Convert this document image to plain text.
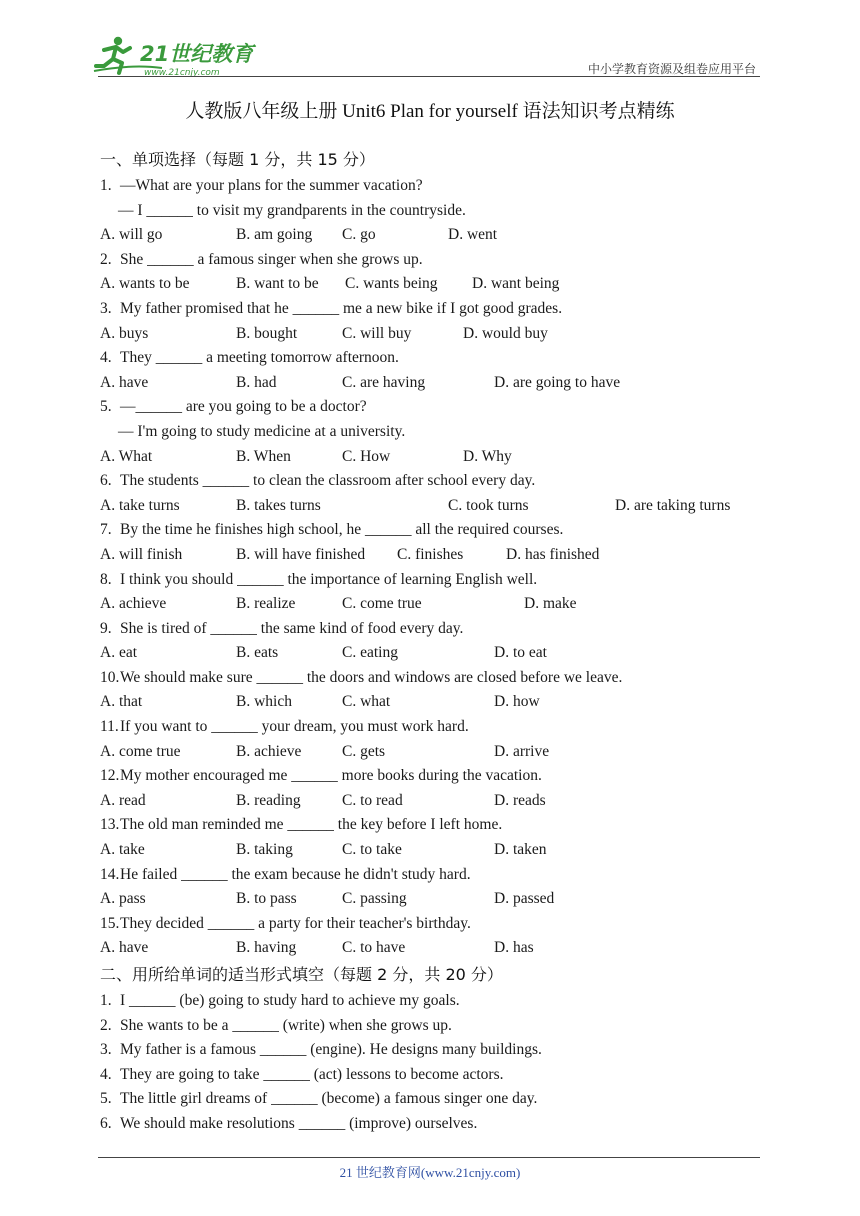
21世纪教育
www.21cnjy.com	中小学教育资源及组卷应用平台
人教版八年级上册 Unit6 Plan for yourself 语法知识考点精练
一、单项选择（每题 1 分，共 15 分）
1. —What are your plans for the summer vacation?
— I ______ to visit my grandparents in the countryside.
A. will go	B. am going C. go	D. went
2. She ______ a famous singer when she grows up.
A. wants to be	B. want to be C. wants being D. want being
3. My father promised that he ______ me a new bike if I got good grades.
A. buys	B. bought	C. will buy	D. would buy
4. They ______ a meeting tomorrow afternoon.
A. have	B. had	C. are having	D. are going to have
5. —______ are you going to be a doctor?
— I'm going to study medicine at a university.
A. What	B. When	C. How	D. Why
6. The students ______ to clean the classroom after school every day.
A. take turns	B. takes turns	C. took turns	D. are taking turns
7. By the time he finishes high school, he ______ all the required courses.
A. will finish	B. will have finished C. finishes	D. has finished
8. I think you should ______ the importance of learning English well.
A. achieve	B. realize	C. come true	D. make
9. She is tired of ______ the same kind of food every day.
A. eat	B. eats	C. eating	D. to eat
10. We should make sure ______ the doors and windows are closed before we leave.
A. that	B. which	C. what	D. how
11. If you want to ______ your dream, you must work hard.
A. come true	B. achieve	C. gets	D. arrive
12. My mother encouraged me ______ more books during the vacation.
A. read	B. reading	C. to read	D. reads
13. The old man reminded me ______ the key before I left home.
A. take	B. taking	C. to take	D. taken
14. He failed ______ the exam because he didn't study hard.
A. pass	B. to pass	C. passing	D. passed
15. They decided ______ a party for their teacher's birthday.
A. have	B. having	C. to have	D. has
二、用所给单词的适当形式填空（每题 2 分，共 20 分）
1. I ______ (be) going to study hard to achieve my goals.
2. She wants to be a ______ (write) when she grows up.
3. My father is a famous ______ (engine). He designs many buildings.
4. They are going to take ______ (act) lessons to become actors.
5. The little girl dreams of ______ (become) a famous singer one day.
6. We should make resolutions ______ (improve) ourselves.
21 世纪教育网(www.21cnjy.com)
